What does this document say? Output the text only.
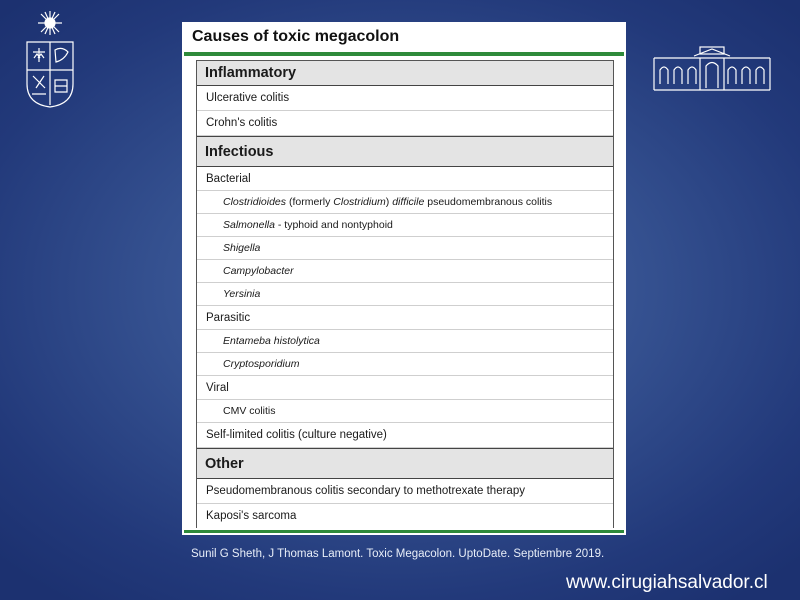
Causes of toxic megacolon
Inflammatory
Ulcerative colitis
Crohn's colitis
Infectious
Bacterial
Clostridioides (formerly Clostridium) difficile pseudomembranous colitis
Salmonella - typhoid and nontyphoid
Shigella
Campylobacter
Yersinia
Parasitic
Entameba histolytica
Cryptosporidium
Viral
CMV colitis
Self-limited colitis (culture negative)
Other
Pseudomembranous colitis secondary to methotrexate therapy
Kaposi's sarcoma
Sunil G Sheth, J Thomas Lamont. Toxic Megacolon. UptoDate. Septiembre 2019.
www.cirugiahsalvador.cl
